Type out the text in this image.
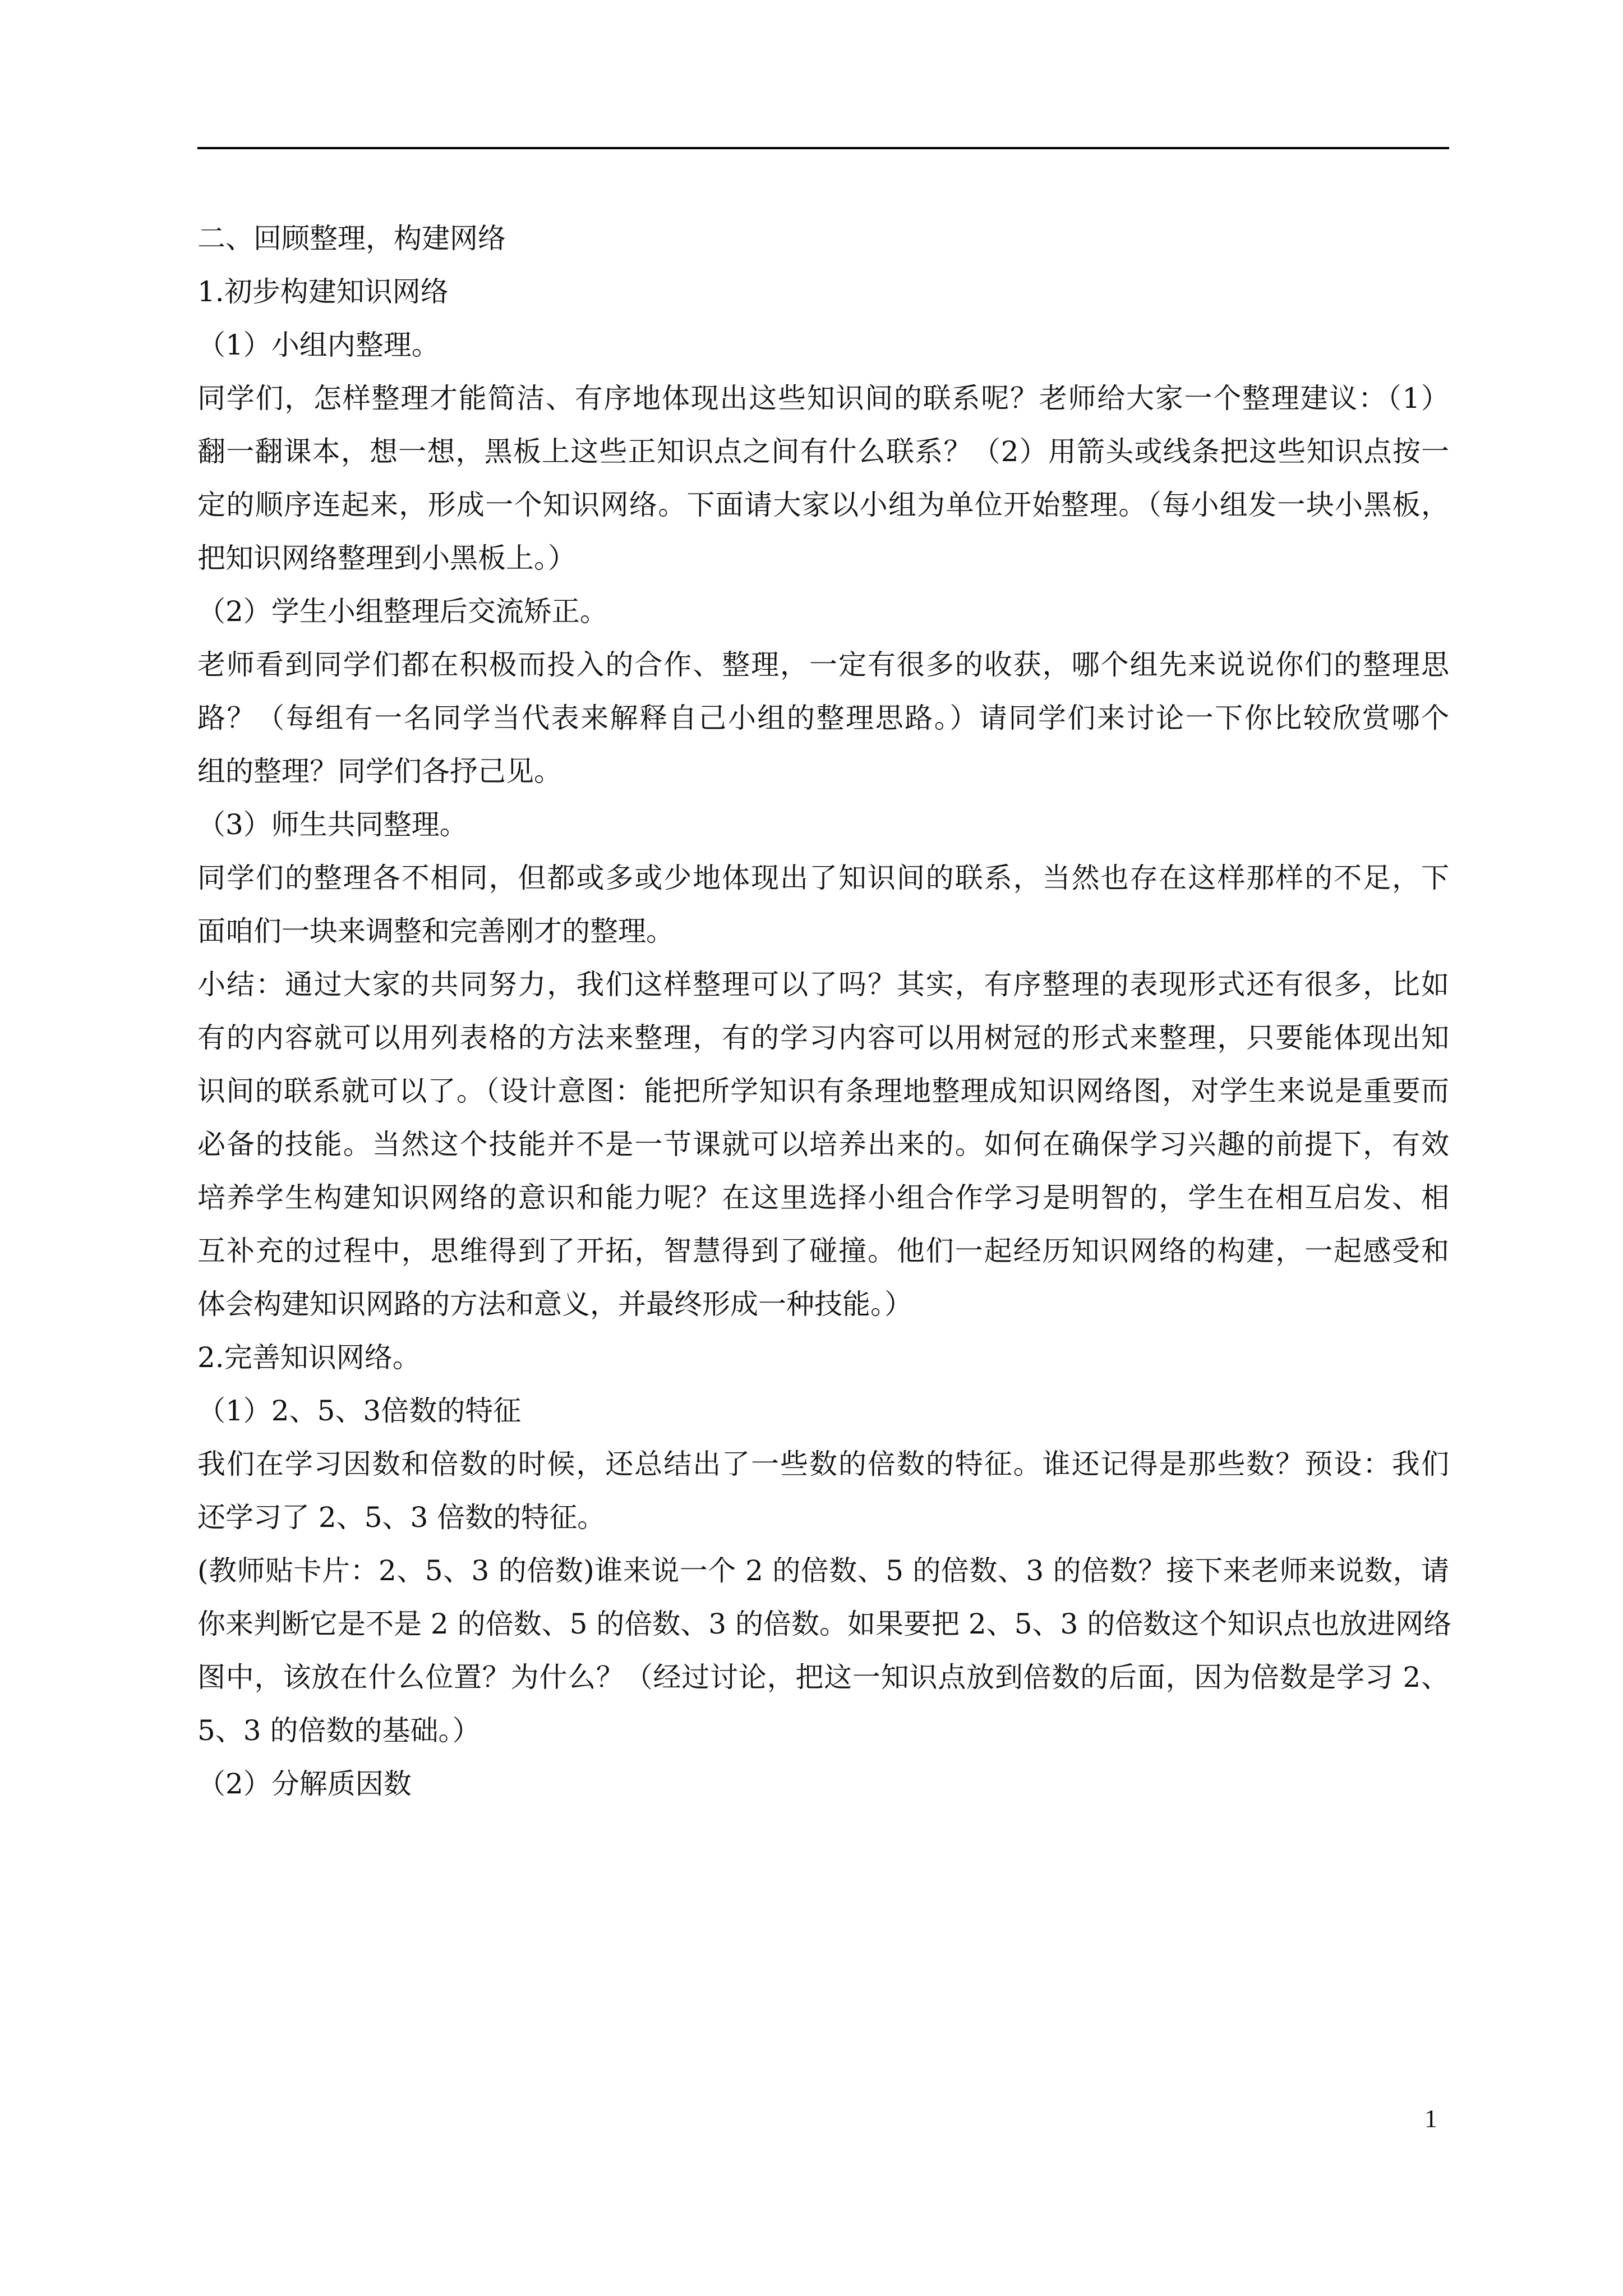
二、回顾整理，构建网络
1.初步构建知识网络
（1）小组内整理。
同学们，怎样整理才能简洁、有序地体现出这些知识间的联系呢？老师给大家一个整理建议：（1）
翻一翻课本，想一想，黑板上这些正知识点之间有什么联系？（2）用箭头或线条把这些知识点按一
定的顺序连起来，形成一个知识网络。下面请大家以小组为单位开始整理。（每小组发一块小黑板，
把知识网络整理到小黑板上。）
（2）学生小组整理后交流矫正。
老师看到同学们都在积极而投入的合作、整理，一定有很多的收获，哪个组先来说说你们的整理思
路？（每组有一名同学当代表来解释自己小组的整理思路。）请同学们来讨论一下你比较欣赏哪个
组的整理？同学们各抒己见。
（3）师生共同整理。
同学们的整理各不相同，但都或多或少地体现出了知识间的联系，当然也存在这样那样的不足，下
面咱们一块来调整和完善刚才的整理。
小结：通过大家的共同努力，我们这样整理可以了吗？其实，有序整理的表现形式还有很多，比如
有的内容就可以用列表格的方法来整理，有的学习内容可以用树冠的形式来整理，只要能体现出知
识间的联系就可以了。（设计意图：能把所学知识有条理地整理成知识网络图，对学生来说是重要而
必备的技能。当然这个技能并不是一节课就可以培养出来的。如何在确保学习兴趣的前提下，有效
培养学生构建知识网络的意识和能力呢？在这里选择小组合作学习是明智的，学生在相互启发、相
互补充的过程中，思维得到了开拓，智慧得到了碰撞。他们一起经历知识网络的构建，一起感受和
体会构建知识网路的方法和意义，并最终形成一种技能。）
2.完善知识网络。
（1）2、5、3倍数的特征
我们在学习因数和倍数的时候，还总结出了一些数的倍数的特征。谁还记得是那些数？预设：我们
还学习了 2、5、3 倍数的特征。
(教师贴卡片：2、5、3 的倍数)谁来说一个 2 的倍数、5 的倍数、3 的倍数？接下来老师来说数，请
你来判断它是不是 2 的倍数、5 的倍数、3 的倍数。如果要把 2、5、3 的倍数这个知识点也放进网络
图中，该放在什么位置？为什么？（经过讨论，把这一知识点放到倍数的后面，因为倍数是学习 2、
5、3 的倍数的基础。）
（2）分解质因数
1
